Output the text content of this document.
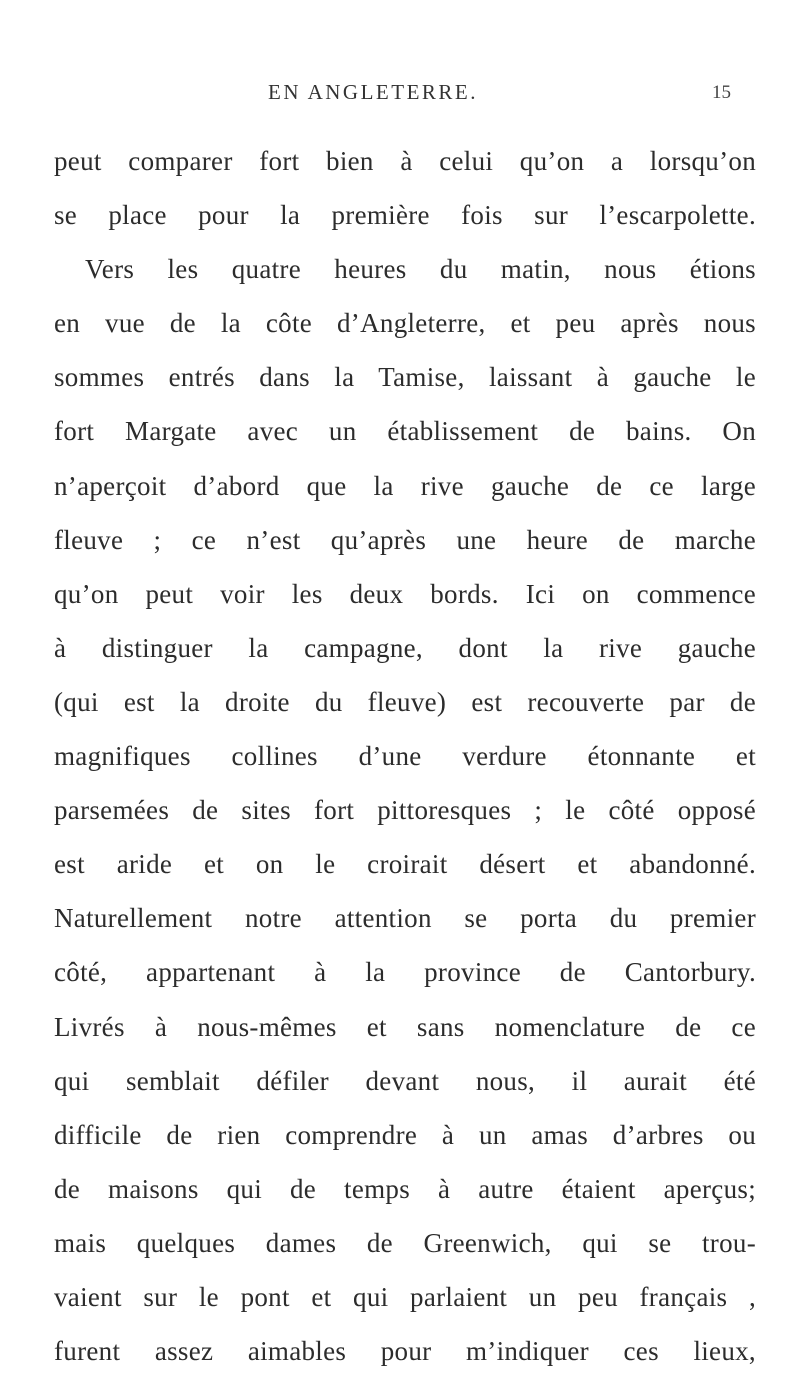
EN ANGLETERRE.	15
peut comparer fort bien à celui qu’on a lorsqu’on
se place pour la première fois sur l’escarpolette.
Vers les quatre heures du matin, nous étions
en vue de la côte d’Angleterre, et peu après nous
sommes entrés dans la Tamise, laissant à gauche le
fort Margate avec un établissement de bains. On
n’aperçoit d’abord que la rive gauche de ce large
fleuve ; ce n’est qu’après une heure de marche
qu’on peut voir les deux bords. Ici on commence
à distinguer la campagne, dont la rive gauche
(qui est la droite du fleuve) est recouverte par de
magnifiques collines d’une verdure étonnante et
parsemées de sites fort pittoresques ; le côté opposé
est aride et on le croirait désert et abandonné.
Naturellement notre attention se porta du premier
côté, appartenant à la province de Cantorbury.
Livrés à nous-mêmes et sans nomenclature de ce
qui semblait défiler devant nous, il aurait été
difficile de rien comprendre à un amas d’arbres ou
de maisons qui de temps à autre étaient aperçus;
mais quelques dames de Greenwich, qui se trou-
vaient sur le pont et qui parlaient un peu français ,
furent assez aimables pour m’indiquer ces lieux,
